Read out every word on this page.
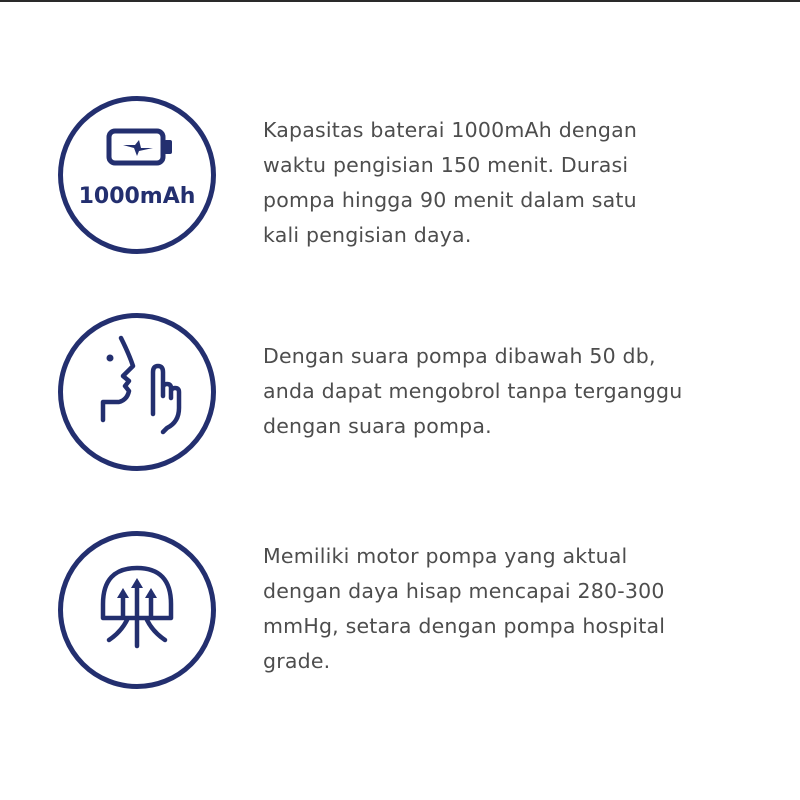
1000mAh

Kapasitas baterai 1000mAh dengan
waktu pengisian 150 menit. Durasi
pompa hingga 90 menit dalam satu
kali pengisian daya.

Dengan suara pompa dibawah 50 db,
anda dapat mengobrol tanpa terganggu
dengan suara pompa.

Memiliki motor pompa yang aktual
dengan daya hisap mencapai 280-300
mmHg, setara dengan pompa hospital
grade.
